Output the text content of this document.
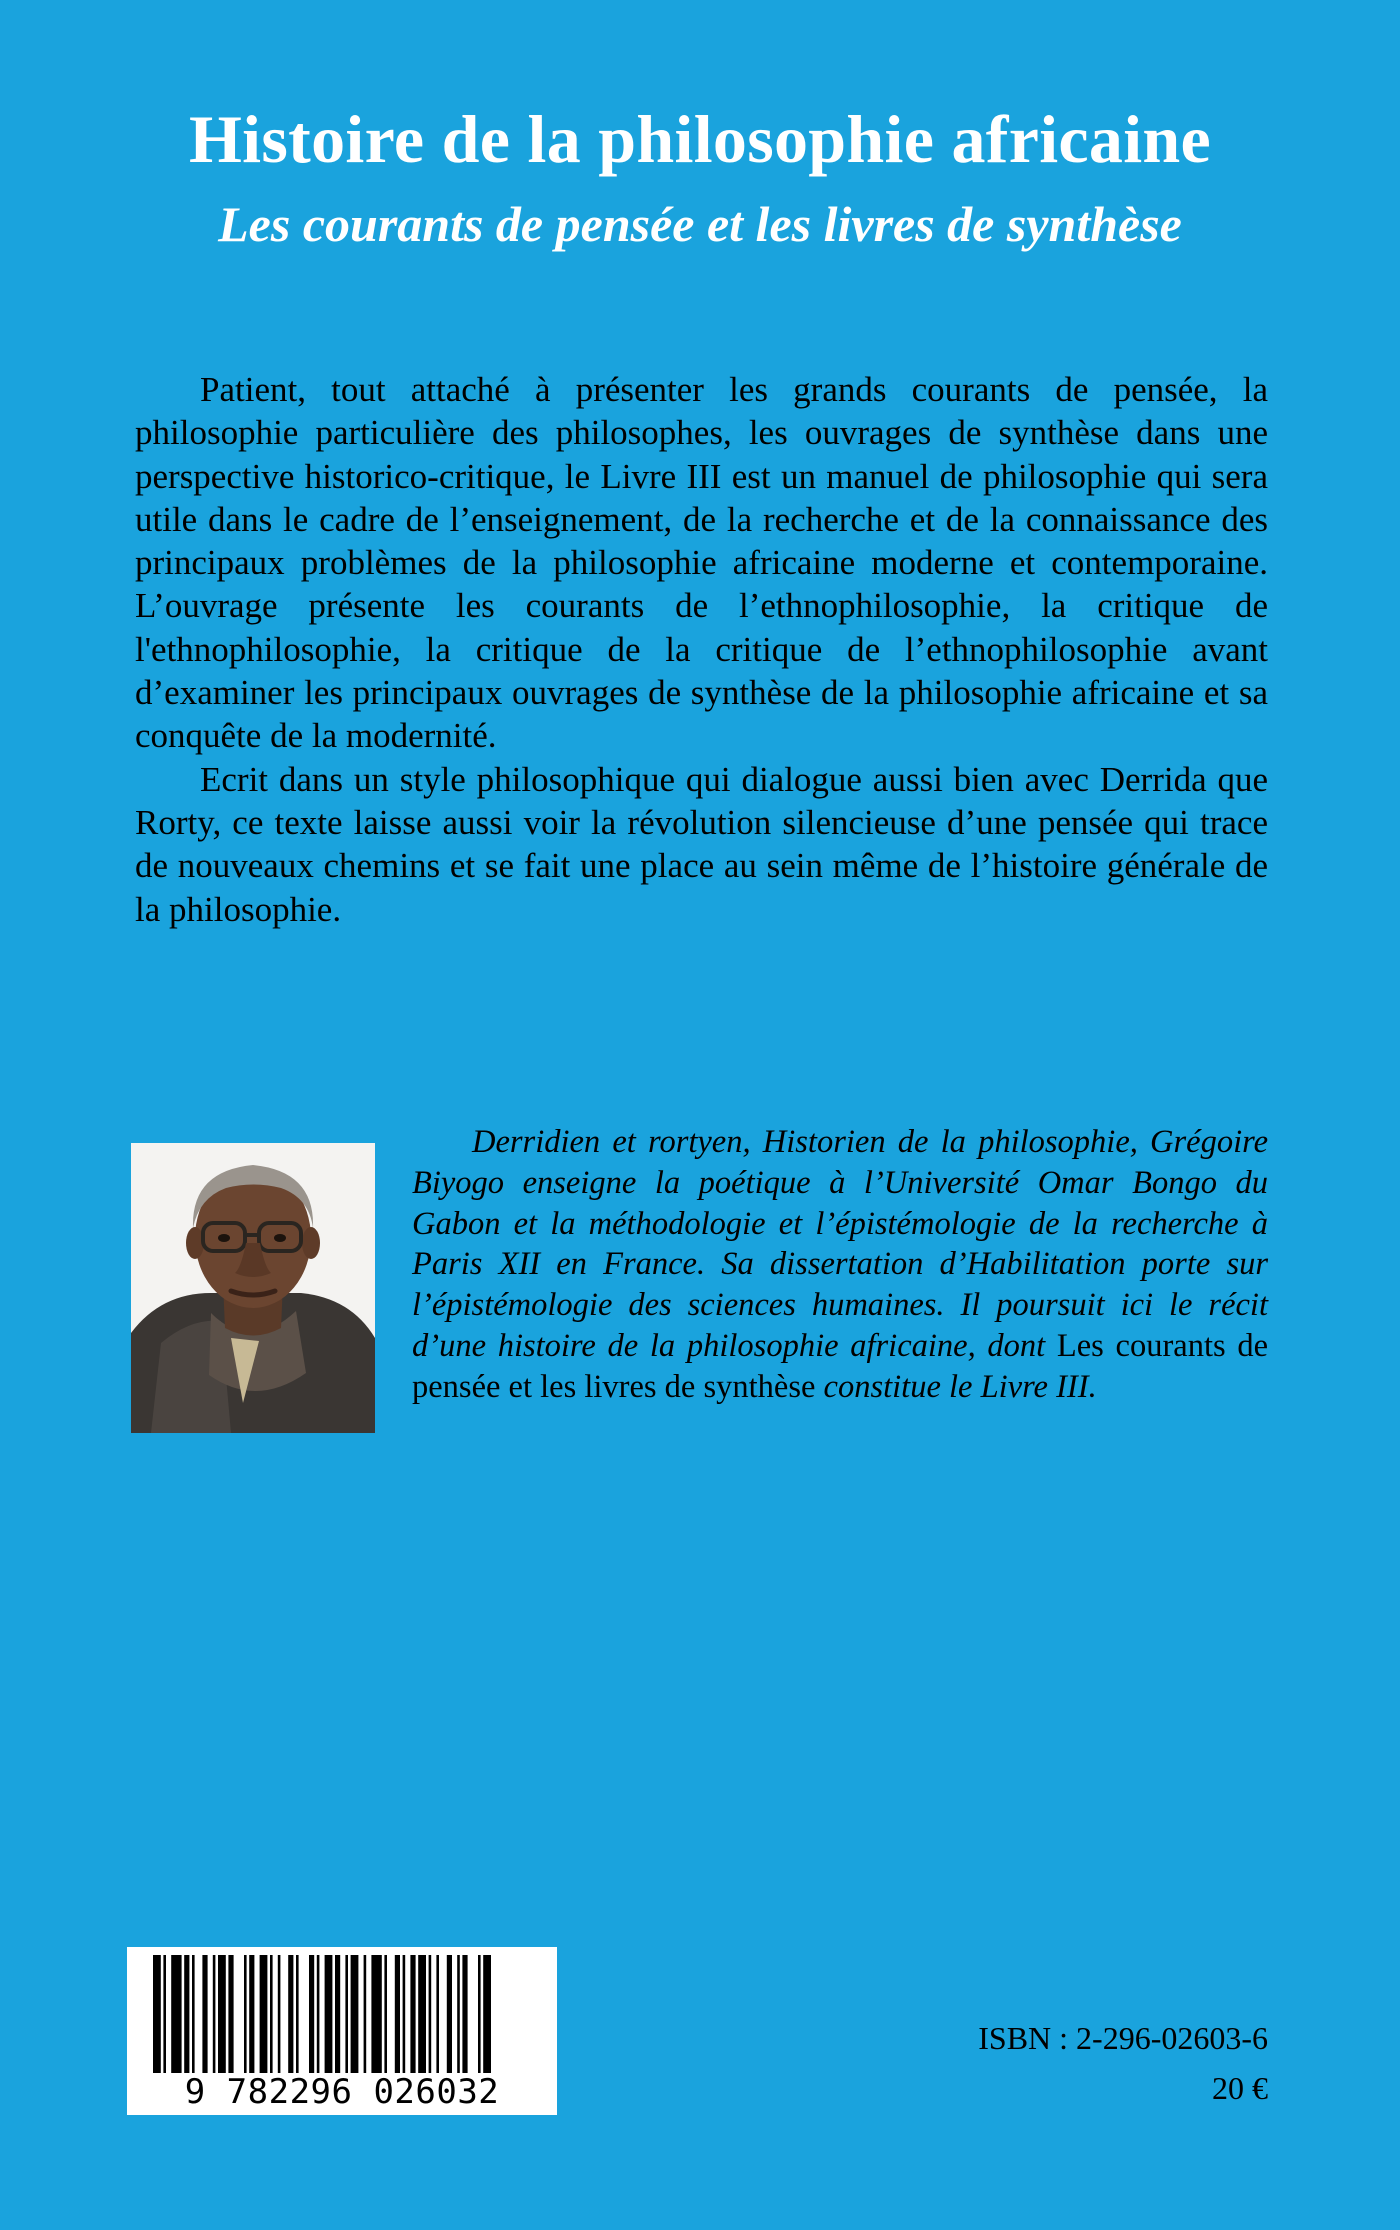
Histoire de la philosophie africaine
Les courants de pensée et les livres de synthèse

Patient, tout attaché à présenter les grands courants de pensée, la philosophie particulière des philosophes, les ouvrages de synthèse dans une perspective historico-critique, le Livre III est un manuel de philosophie qui sera utile dans le cadre de l’enseignement, de la recherche et de la connaissance des principaux problèmes de la philosophie africaine moderne et contemporaine. L’ouvrage présente les courants de l’ethnophilosophie, la critique de l'ethnophilosophie, la critique de la critique de l’ethnophilosophie avant d’examiner les principaux ouvrages de synthèse de la philosophie africaine et sa conquête de la modernité.

Ecrit dans un style philosophique qui dialogue aussi bien avec Derrida que Rorty, ce texte laisse aussi voir la révolution silencieuse d’une pensée qui trace de nouveaux chemins et se fait une place au sein même de l’histoire générale de la philosophie.

Derridien et rortyen, Historien de la philosophie, Grégoire Biyogo enseigne la poétique à l’Université Omar Bongo du Gabon et la méthodologie et l’épistémologie de la recherche à Paris XII en France. Sa dissertation d’Habilitation porte sur l’épistémologie des sciences humaines. Il poursuit ici le récit d’une histoire de la philosophie africaine, dont Les courants de pensée et les livres de synthèse constitue le Livre III.

9 782296 026032
ISBN : 2-296-02603-6
20 €
